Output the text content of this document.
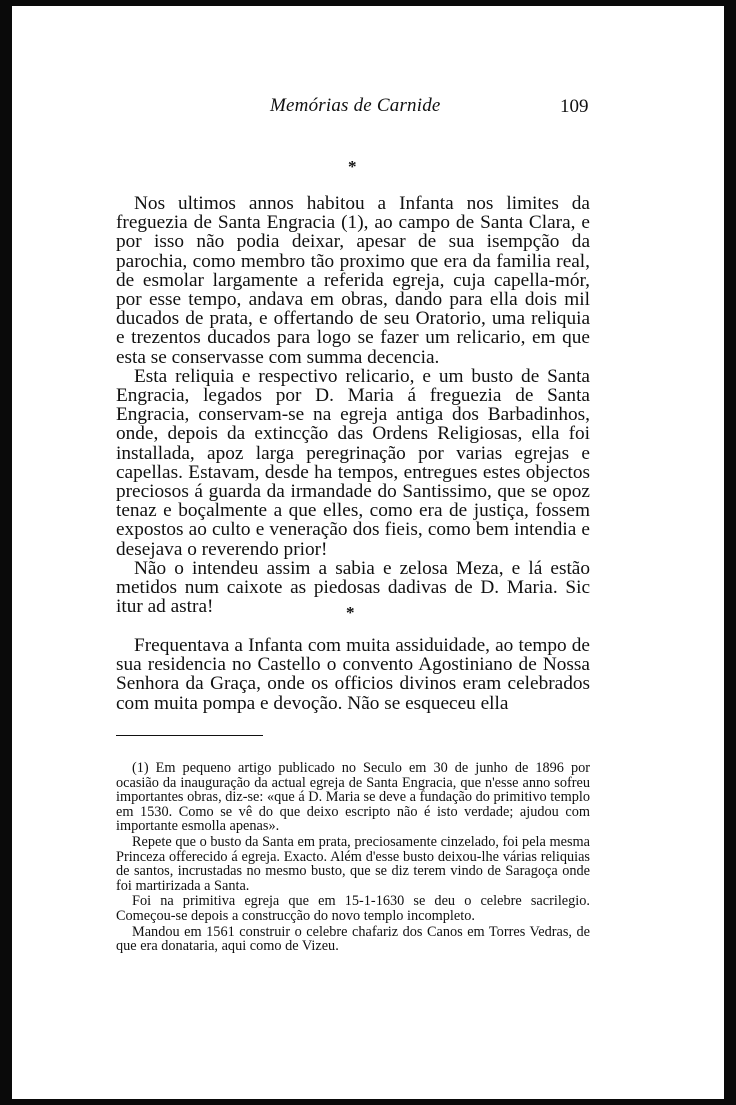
Memórias de Carnide	109
*

Nos ultimos annos habitou a Infanta nos limites da freguezia de Santa Engracia (1), ao campo de Santa Clara, e por isso não podia deixar, apesar de sua isempção da parochia, como membro tão proximo que era da familia real, de esmolar largamente a referida egreja, cuja capella-mór, por esse tempo, andava em obras, dando para ella dois mil ducados de prata, e offertando de seu Oratorio, uma reliquia e trezentos ducados para logo se fazer um relicario, em que esta se conservasse com summa decencia.

Esta reliquia e respectivo relicario, e um busto de Santa Engracia, legados por D. Maria á freguezia de Santa Engracia, conservam-se na egreja antiga dos Barbadinhos, onde, depois da extincção das Ordens Religiosas, ella foi installada, apoz larga peregrinação por varias egrejas e capellas. Estavam, desde ha tempos, entregues estes objectos preciosos á guarda da irmandade do Santissimo, que se opoz tenaz e boçalmente a que elles, como era de justiça, fossem expostos ao culto e veneração dos fieis, como bem intendia e desejava o reverendo prior!

Não o intendeu assim a sabia e zelosa Meza, e lá estão metidos num caixote as piedosas dadivas de D. Maria. Sic itur ad astra!	*

Frequentava a Infanta com muita assiduidade, ao tempo de sua residencia no Castello o convento Agostiniano de Nossa Senhora da Graça, onde os officios divinos eram celebrados com muita pompa e devoção. Não se esqueceu ella

(1) Em pequeno artigo publicado no Seculo em 30 de junho de 1896 por ocasião da inauguração da actual egreja de Santa Engracia, que n'esse anno sofreu importantes obras, diz-se: «que á D. Maria se deve a fundação do primitivo templo em 1530. Como se vê do que deixo escripto não é isto verdade; ajudou com importante esmolla apenas».

Repete que o busto da Santa em prata, preciosamente cinzelado, foi pela mesma Princeza offerecido á egreja. Exacto. Além d'esse busto deixou-lhe várias reliquias de santos, incrustadas no mesmo busto, que se diz terem vindo de Saragoça onde foi martirizada a Santa.

Foi na primitiva egreja que em 15-1-1630 se deu o celebre sacrilegio. Começou-se depois a construcção do novo templo incompleto.

Mandou em 1561 construir o celebre chafariz dos Canos em Torres Vedras, de que era donataria, aqui como de Vizeu.
